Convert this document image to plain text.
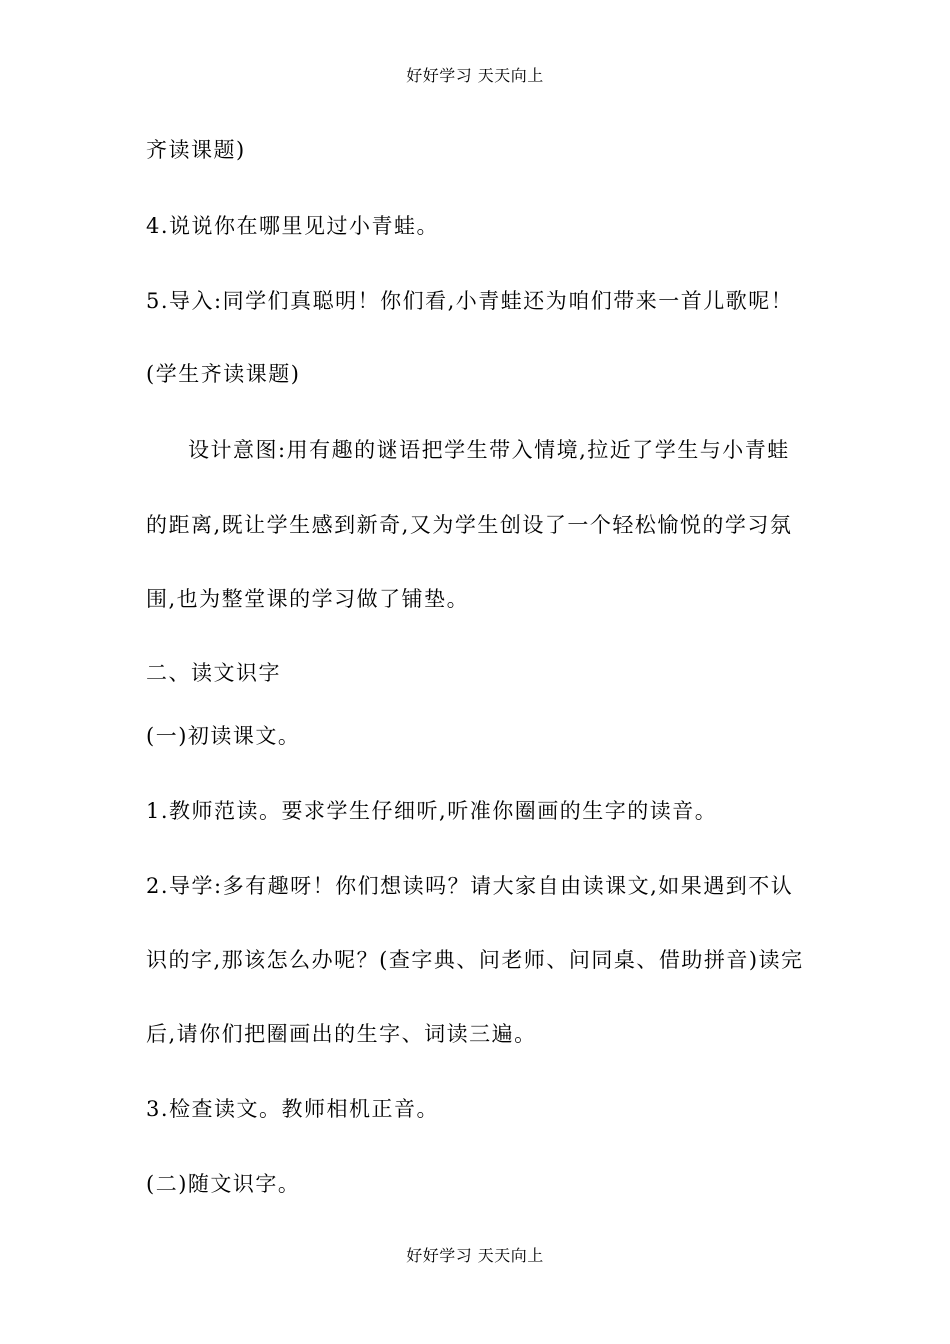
好好学习 天天向上
齐读课题)
4.说说你在哪里见过小青蛙。
5.导入:同学们真聪明！你们看,小青蛙还为咱们带来一首儿歌呢！
(学生齐读课题)
设计意图:用有趣的谜语把学生带入情境,拉近了学生与小青蛙
的距离,既让学生感到新奇,又为学生创设了一个轻松愉悦的学习氛
围,也为整堂课的学习做了铺垫。
二、读文识字
(一)初读课文。
1.教师范读。要求学生仔细听,听准你圈画的生字的读音。
2.导学:多有趣呀！你们想读吗？请大家自由读课文,如果遇到不认
识的字,那该怎么办呢？(查字典、问老师、问同桌、借助拼音)读完
后,请你们把圈画出的生字、词读三遍。
3.检查读文。教师相机正音。
(二)随文识字。
好好学习 天天向上
